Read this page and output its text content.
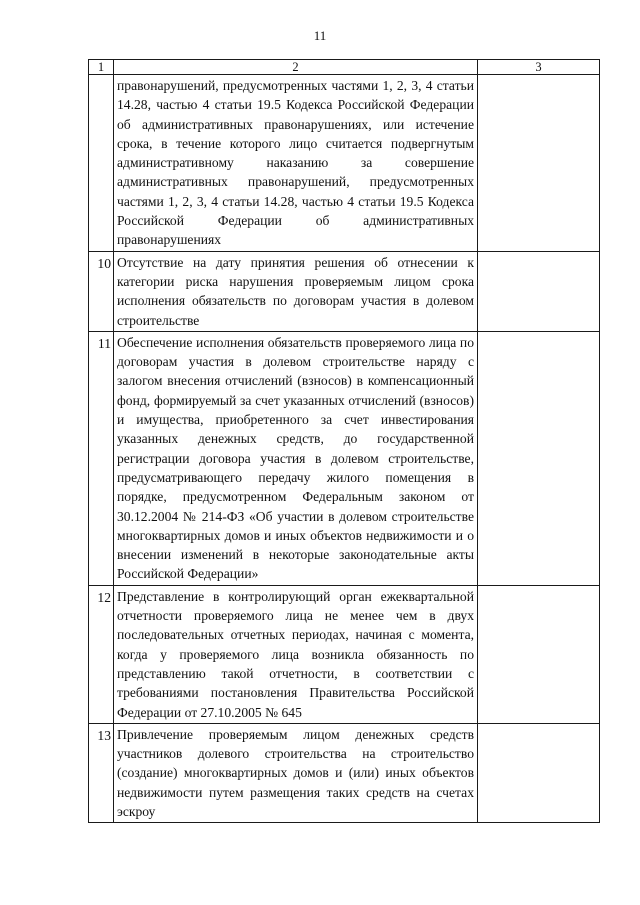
11
1	2	3
	правонарушений, предусмотренных частями 1, 2, 3, 4 статьи 14.28, частью 4 статьи 19.5 Кодекса Российской Федерации об административных правонарушениях, или истечение срока, в течение которого лицо считается подвергнутым административному наказанию за совершение административных правонарушений, предусмотренных частями 1, 2, 3, 4 статьи 14.28, частью 4 статьи 19.5 Кодекса Российской Федерации об административных правонарушениях	
10	Отсутствие на дату принятия решения об отнесении к категории риска нарушения проверяемым лицом срока исполнения обязательств по договорам участия в долевом строительстве	
11	Обеспечение исполнения обязательств проверяемого лица по договорам участия в долевом строительстве наряду с залогом внесения отчислений (взносов) в компенсационный фонд, формируемый за счет указанных отчислений (взносов) и имущества, приобретенного за счет инвестирования указанных денежных средств, до государственной регистрации договора участия в долевом строительстве, предусматривающего передачу жилого помещения в порядке, предусмотренном Федеральным законом от 30.12.2004 № 214-ФЗ «Об участии в долевом строительстве многоквартирных домов и иных объектов недвижимости и о внесении изменений в некоторые законодательные акты Российской Федерации»	
12	Представление в контролирующий орган ежеквартальной отчетности проверяемого лица не менее чем в двух последовательных отчетных периодах, начиная с момента, когда у проверяемого лица возникла обязанность по представлению такой отчетности, в соответствии с требованиями постановления Правительства Российской Федерации от 27.10.2005 № 645	
13	Привлечение проверяемым лицом денежных средств участников долевого строительства на строительство (создание) многоквартирных домов и (или) иных объектов недвижимости путем размещения таких средств на счетах эскроу	
